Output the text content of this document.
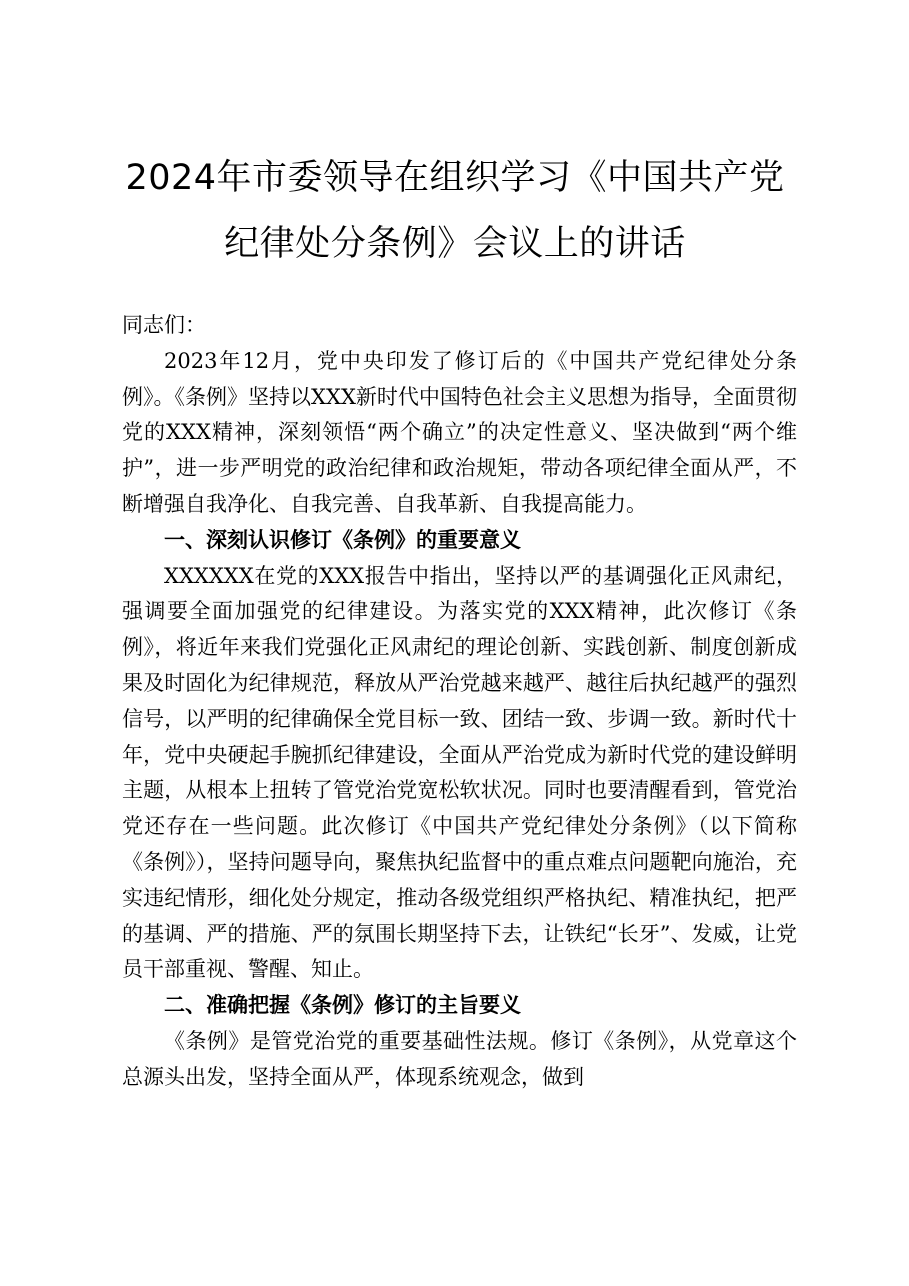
2024年市委领导在组织学习《中国共产党纪律处分条例》会议上的讲话

同志们：

2023年12月，党中央印发了修订后的《中国共产党纪律处分条例》。《条例》坚持以XXX新时代中国特色社会主义思想为指导，全面贯彻党的XXX精神，深刻领悟“两个确立”的决定性意义、坚决做到“两个维护”，进一步严明党的政治纪律和政治规矩，带动各项纪律全面从严，不断增强自我净化、自我完善、自我革新、自我提高能力。

一、深刻认识修订《条例》的重要意义

XXXXXX在党的XXX报告中指出，坚持以严的基调强化正风肃纪，强调要全面加强党的纪律建设。为落实党的XXX精神，此次修订《条例》，将近年来我们党强化正风肃纪的理论创新、实践创新、制度创新成果及时固化为纪律规范，释放从严治党越来越严、越往后执纪越严的强烈信号，以严明的纪律确保全党目标一致、团结一致、步调一致。新时代十年，党中央硬起手腕抓纪律建设，全面从严治党成为新时代党的建设鲜明主题，从根本上扭转了管党治党宽松软状况。同时也要清醒看到，管党治党还存在一些问题。此次修订《中国共产党纪律处分条例》（以下简称《条例》），坚持问题导向，聚焦执纪监督中的重点难点问题靶向施治，充实违纪情形，细化处分规定，推动各级党组织严格执纪、精准执纪，把严的基调、严的措施、严的氛围长期坚持下去，让铁纪“长牙”、发威，让党员干部重视、警醒、知止。

二、准确把握《条例》修订的主旨要义

《条例》是管党治党的重要基础性法规。修订《条例》，从党章这个总源头出发，坚持全面从严，体现系统观念，做到
